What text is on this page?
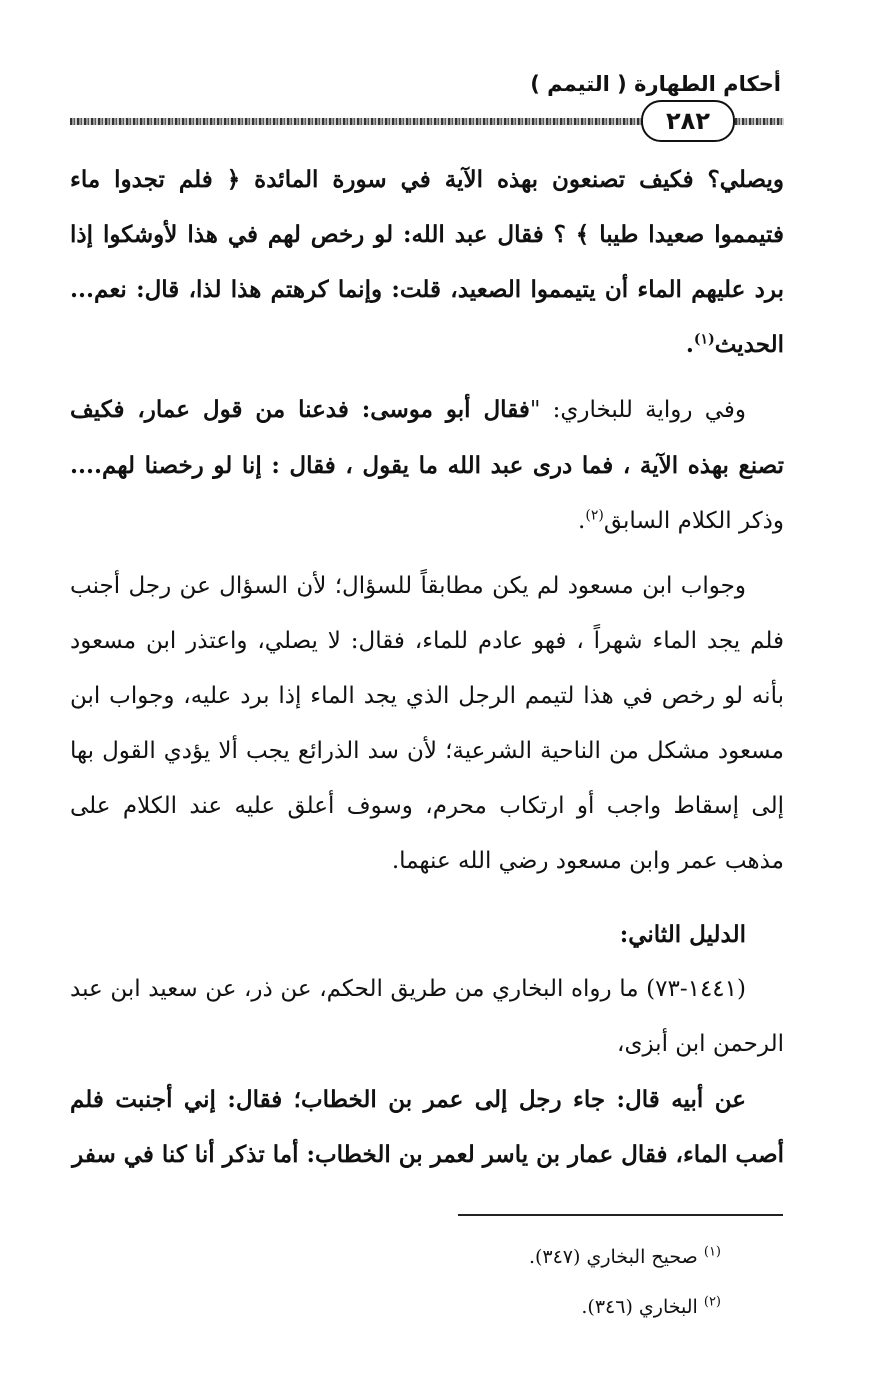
أحكام الطهارة ( التيمم )
٢٨٢

ويصلي؟ فكيف تصنعون بهذه الآية في سورة المائدة ﴿ فلم تجدوا ماء فتيمموا صعيدا طيبا ﴾ ؟ فقال عبد الله: لو رخص لهم في هذا لأوشكوا إذا برد عليهم الماء أن يتيمموا الصعيد، قلت: وإنما كرهتم هذا لذا، قال: نعم... الحديث$^{(١)}$.

وفي رواية للبخاري: "فقال أبو موسى: فدعنا من قول عمار، فكيف تصنع بهذه الآية ، فما درى عبد الله ما يقول ، فقال : إنا لو رخصنا لهم.... وذكر الكلام السابق$^{(٢)}$.

وجواب ابن مسعود لم يكن مطابقاً للسؤال؛ لأن السؤال عن رجل أجنب فلم يجد الماء شهراً ، فهو عادم للماء، فقال: لا يصلي، واعتذر ابن مسعود بأنه لو رخص في هذا لتيمم الرجل الذي يجد الماء إذا برد عليه، وجواب ابن مسعود مشكل من الناحية الشرعية؛ لأن سد الذرائع يجب ألا يؤدي القول بها إلى إسقاط واجب أو ارتكاب محرم، وسوف أعلق عليه عند الكلام على مذهب عمر وابن مسعود رضي الله عنهما.

الدليل الثاني:

(١٤٤١-٧٣) ما رواه البخاري من طريق الحكم، عن ذر، عن سعيد ابن عبد الرحمن ابن أبزى،

عن أبيه قال: جاء رجل إلى عمر بن الخطاب؛ فقال: إني أجنبت فلم أصب الماء، فقال عمار بن ياسر لعمر بن الخطاب: أما تذكر أنا كنا في سفر

$^{(١)}$ صحيح البخاري (٣٤٧).
$^{(٢)}$ البخاري (٣٤٦).
